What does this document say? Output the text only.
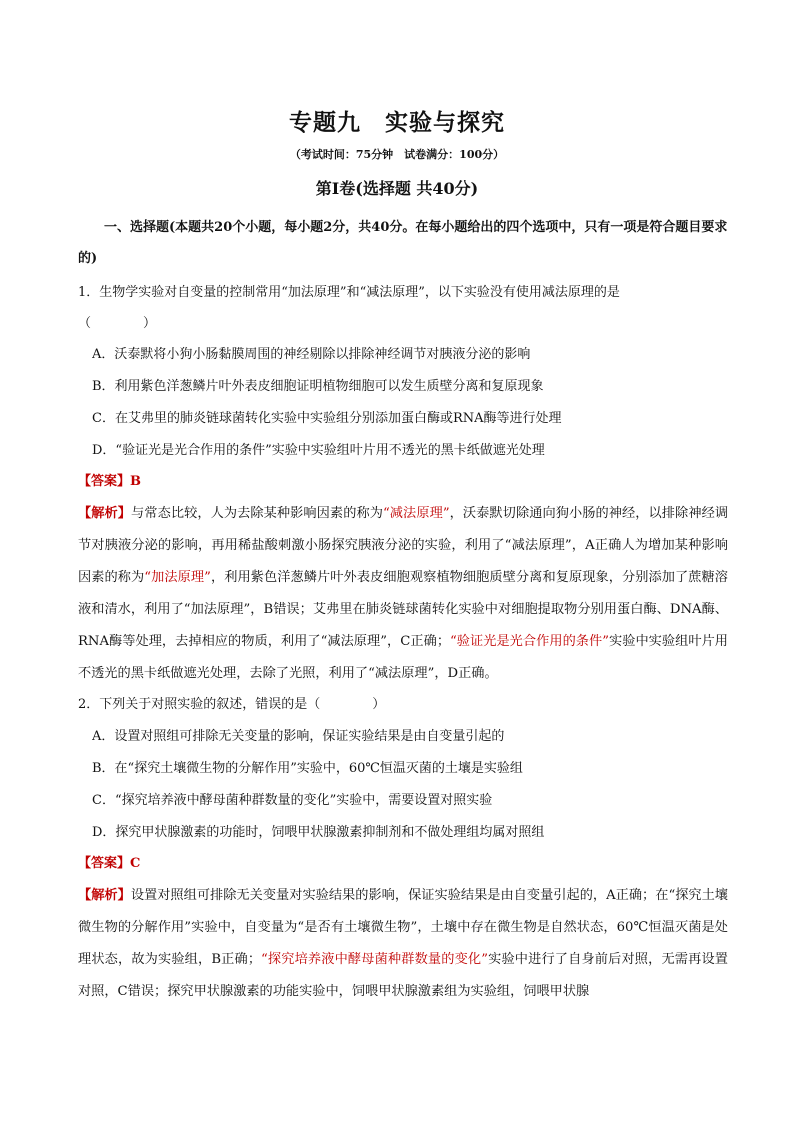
专题九　实验与探究
（考试时间：75分钟　试卷满分：100分）
第Ⅰ卷(选择题 共40分)
一、选择题(本题共20个小题，每小题2分，共40分。在每小题给出的四个选项中，只有一项是符合题目要求的)
1．生物学实验对自变量的控制常用“加法原理”和“减法原理”，以下实验没有使用减法原理的是
（　　　　）
A．沃泰默将小狗小肠黏膜周围的神经剔除以排除神经调节对胰液分泌的影响
B．利用紫色洋葱鳞片叶外表皮细胞证明植物细胞可以发生质壁分离和复原现象
C．在艾弗里的肺炎链球菌转化实验中实验组分别添加蛋白酶或RNA酶等进行处理
D．“验证光是光合作用的条件”实验中实验组叶片用不透光的黑卡纸做遮光处理
【答案】B
【解析】与常态比较，人为去除某种影响因素的称为“减法原理”，沃泰默切除通向狗小肠的神经，以排除神经调节对胰液分泌的影响，再用稀盐酸刺激小肠探究胰液分泌的实验，利用了“减法原理”，A正确人为增加某种影响因素的称为“加法原理”，利用紫色洋葱鳞片叶外表皮细胞观察植物细胞质壁分离和复原现象，分别添加了蔗糖溶液和清水，利用了“加法原理”，B错误；艾弗里在肺炎链球菌转化实验中对细胞提取物分别用蛋白酶、DNA酶、RNA酶等处理，去掉相应的物质，利用了“减法原理”，C正确；“验证光是光合作用的条件”实验中实验组叶片用不透光的黑卡纸做遮光处理，去除了光照，利用了“减法原理”，D正确。
2．下列关于对照实验的叙述，错误的是（　　　　）
A．设置对照组可排除无关变量的影响，保证实验结果是由自变量引起的
B．在“探究土壤微生物的分解作用”实验中，60℃恒温灭菌的土壤是实验组
C．“探究培养液中酵母菌种群数量的变化”实验中，需要设置对照实验
D．探究甲状腺激素的功能时，饲喂甲状腺激素抑制剂和不做处理组均属对照组
【答案】C
【解析】设置对照组可排除无关变量对实验结果的影响，保证实验结果是由自变量引起的，A正确；在“探究土壤微生物的分解作用”实验中，自变量为“是否有土壤微生物”，土壤中存在微生物是自然状态，60℃恒温灭菌是处理状态，故为实验组，B正确；“探究培养液中酵母菌种群数量的变化”实验中进行了自身前后对照，无需再设置对照，C错误；探究甲状腺激素的功能实验中，饲喂甲状腺激素组为实验组，饲喂甲状腺
